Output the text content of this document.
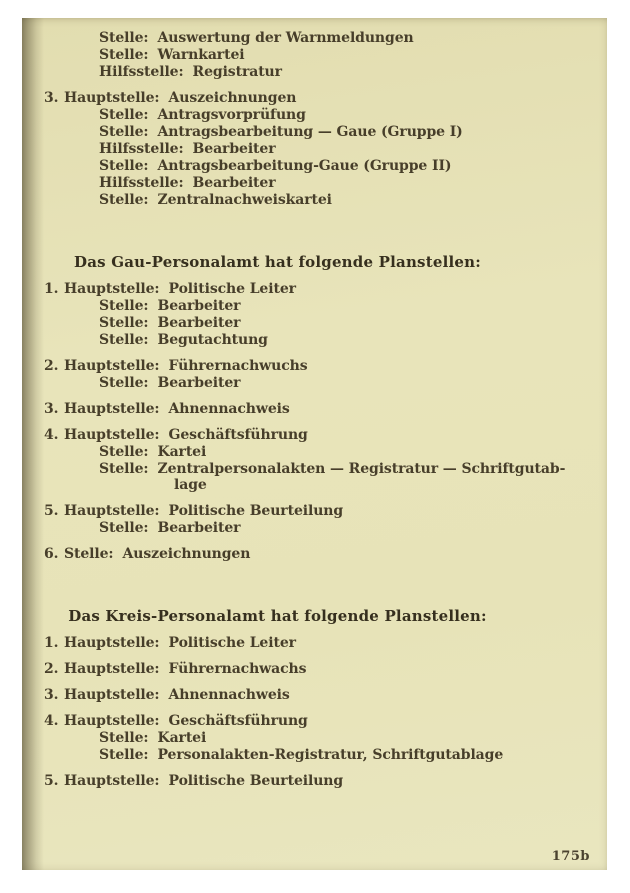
Stelle: Auswertung der Warnmeldungen
Stelle: Warnkartei
Hilfsstelle: Registratur
3. Hauptstelle: Auszeichnungen
Stelle: Antragsvorprüfung
Stelle: Antragsbearbeitung — Gaue (Gruppe I)
Hilfsstelle: Bearbeiter
Stelle: Antragsbearbeitung-Gaue (Gruppe II)
Hilfsstelle: Bearbeiter
Stelle: Zentralnachweiskartei
Das Gau-Personalamt hat folgende Planstellen:
1. Hauptstelle: Politische Leiter
Stelle: Bearbeiter
Stelle: Bearbeiter
Stelle: Begutachtung
2. Hauptstelle: Führernachwuchs
Stelle: Bearbeiter
3. Hauptstelle: Ahnennachweis
4. Hauptstelle: Geschäftsführung
Stelle: Kartei
Stelle: Zentralpersonalakten — Registratur — Schriftgutab-
lage
5. Hauptstelle: Politische Beurteilung
Stelle: Bearbeiter
6. Stelle: Auszeichnungen
Das Kreis-Personalamt hat folgende Planstellen:
1. Hauptstelle: Politische Leiter
2. Hauptstelle: Führernachwachs
3. Hauptstelle: Ahnennachweis
4. Hauptstelle: Geschäftsführung
Stelle: Kartei
Stelle: Personalakten-Registratur, Schriftgutablage
5. Hauptstelle: Politische Beurteilung
175b
